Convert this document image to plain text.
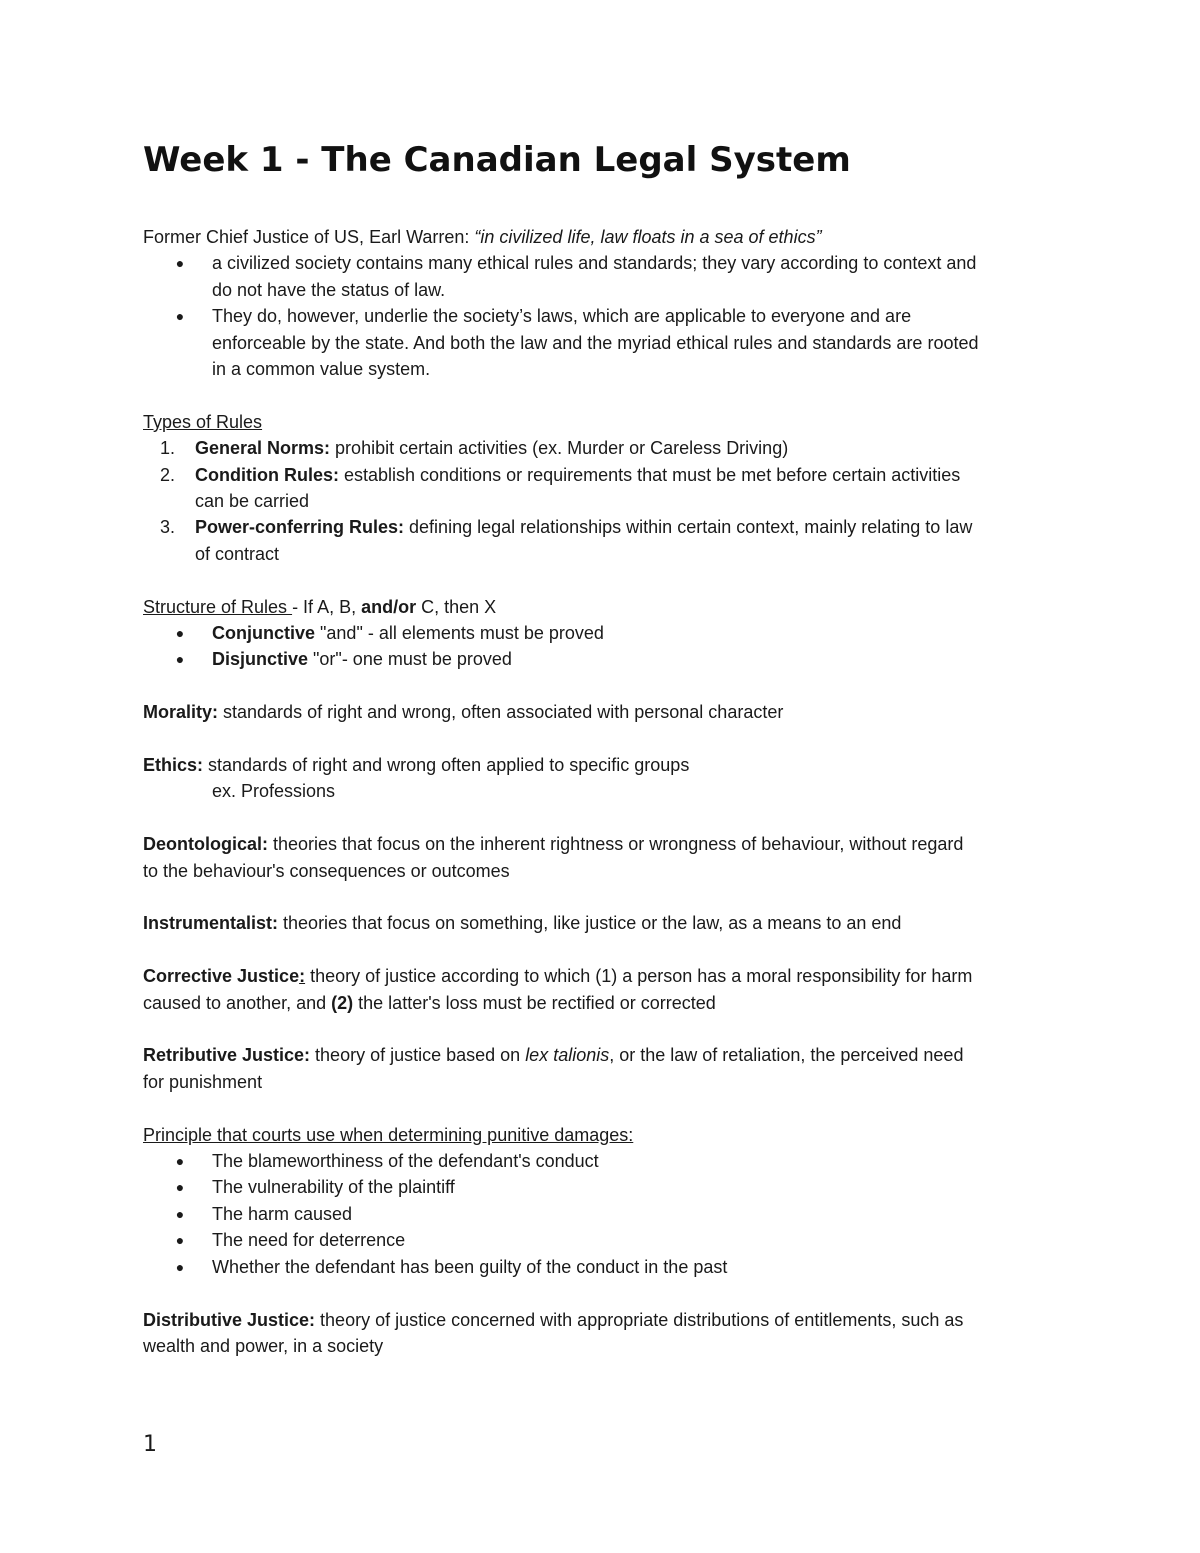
Week 1 - The Canadian Legal System
Former Chief Justice of US, Earl Warren: “in civilized life, law floats in a sea of ethics”
● a civilized society contains many ethical rules and standards; they vary according to context and
do not have the status of law.
● They do, however, underlie the society’s laws, which are applicable to everyone and are
enforceable by the state. And both the law and the myriad ethical rules and standards are rooted
in a common value system.
Types of Rules
1. General Norms: prohibit certain activities (ex. Murder or Careless Driving)
2. Condition Rules: establish conditions or requirements that must be met before certain activities
can be carried
3. Power-conferring Rules: defining legal relationships within certain context, mainly relating to law
of contract
Structure of Rules - If A, B, and/or C, then X
● Conjunctive "and" - all elements must be proved
● Disjunctive "or"- one must be proved
Morality: standards of right and wrong, often associated with personal character
Ethics: standards of right and wrong often applied to specific groups
ex. Professions
Deontological: theories that focus on the inherent rightness or wrongness of behaviour, without regard
to the behaviour's consequences or outcomes
Instrumentalist: theories that focus on something, like justice or the law, as a means to an end
Corrective Justice: theory of justice according to which (1) a person has a moral responsibility for harm
caused to another, and (2) the latter's loss must be rectified or corrected
Retributive Justice: theory of justice based on lex talionis, or the law of retaliation, the perceived need
for punishment
Principle that courts use when determining punitive damages:
● The blameworthiness of the defendant's conduct
● The vulnerability of the plaintiff
● The harm caused
● The need for deterrence
● Whether the defendant has been guilty of the conduct in the past
Distributive Justice: theory of justice concerned with appropriate distributions of entitlements, such as
wealth and power, in a society
1
